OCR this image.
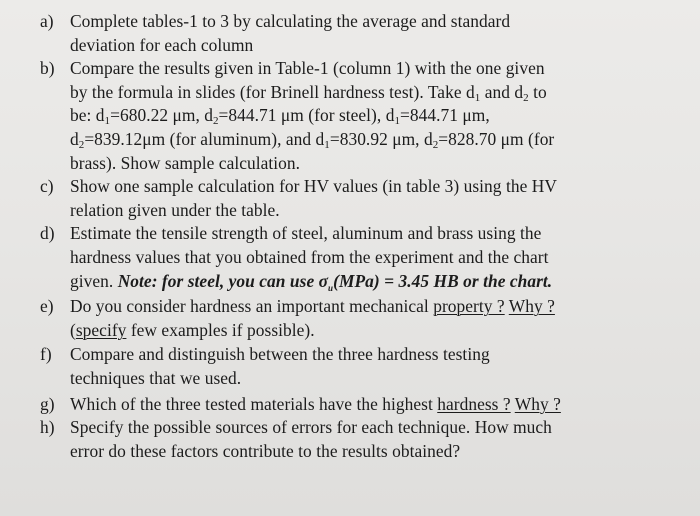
a) Complete tables-1 to 3 by calculating the average and standard
deviation for each column
b) Compare the results given in Table-1 (column 1) with the one given
by the formula in slides (for Brinell hardness test). Take $d_1$ and $d_2$ to
be: $d_1=680.22$ μm, $d_2=844.71$ μm (for steel), $d_1=844.71$ μm,
$d_2=839.12\mu m$ (for aluminum), and $d_1=830.92$ μm, $d_2=828.70$ μm (for
brass). Show sample calculation.
c) Show one sample calculation for HV values (in table 3) using the HV
relation given under the table.
d) Estimate the tensile strength of steel, aluminum and brass using the
hardness values that you obtained from the experiment and the chart
given. Note: for steel, you can use $\sigma_u(MPa) = 3.45$ HB or the chart.
e) Do you consider hardness an important mechanical property ? Why ?
(specify few examples if possible).
f)	Compare and distinguish between the three hardness testing
techniques that we used.
g) Which of the three tested materials have the highest hardness ? Why ?
h) Specify the possible sources of errors for each technique. How much
error do these factors contribute to the results obtained?
